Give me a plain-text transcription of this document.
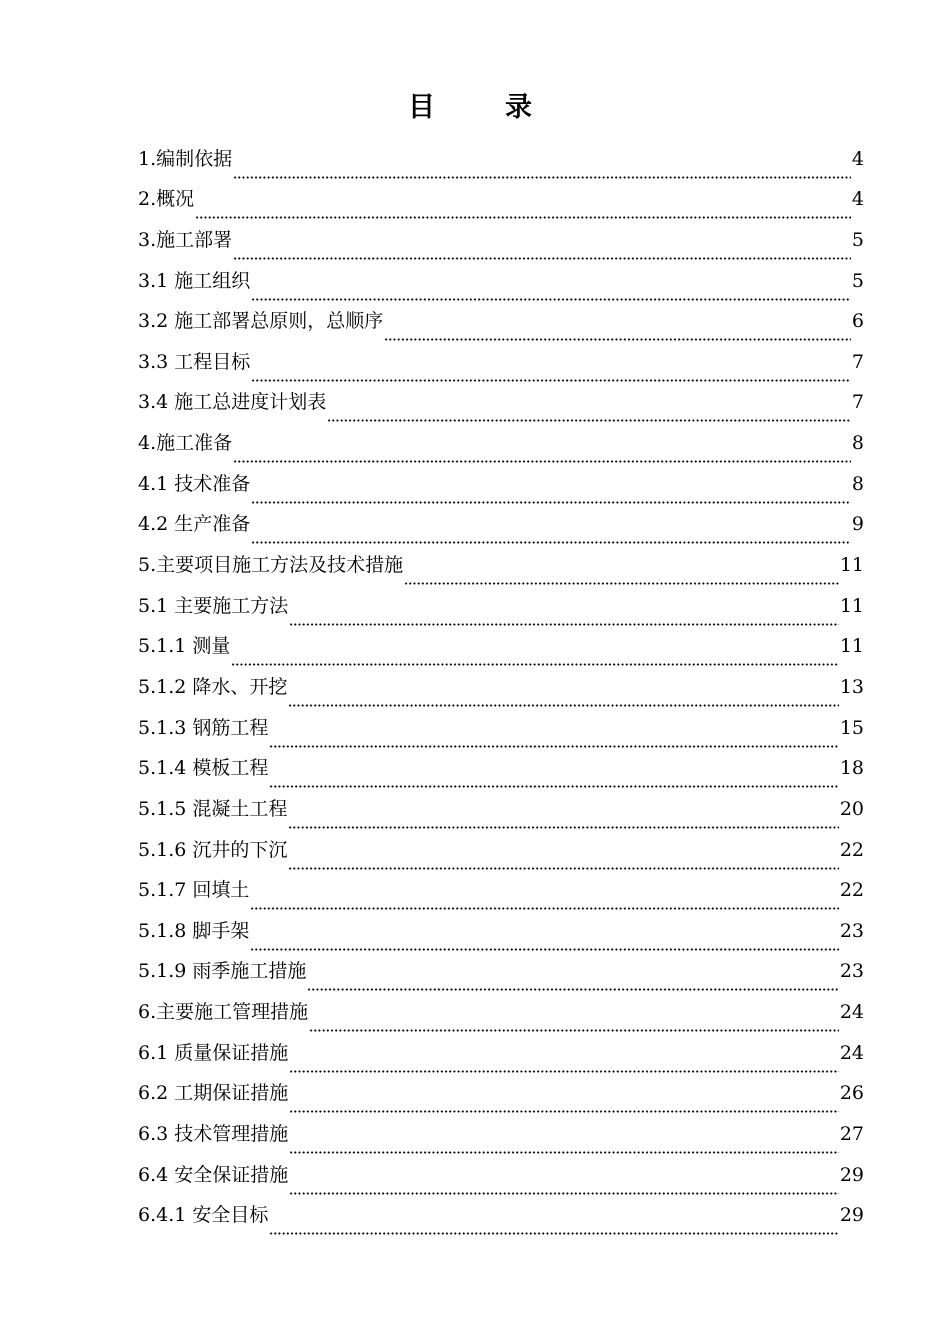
目录
1.编制依据	4
2.概况	4
3.施工部署	5
3.1 施工组织	5
3.2 施工部署总原则，总顺序	6
3.3 工程目标	7
3.4 施工总进度计划表	7
4.施工准备	8
4.1 技术准备	8
4.2 生产准备	9
5.主要项目施工方法及技术措施	11
5.1 主要施工方法	11
5.1.1 测量	11
5.1.2 降水、开挖	13
5.1.3 钢筋工程	15
5.1.4 模板工程	18
5.1.5 混凝土工程	20
5.1.6 沉井的下沉	22
5.1.7 回填土	22
5.1.8 脚手架	23
5.1.9 雨季施工措施	23
6.主要施工管理措施	24
6.1 质量保证措施	24
6.2 工期保证措施	26
6.3 技术管理措施	27
6.4 安全保证措施	29
6.4.1 安全目标	29
